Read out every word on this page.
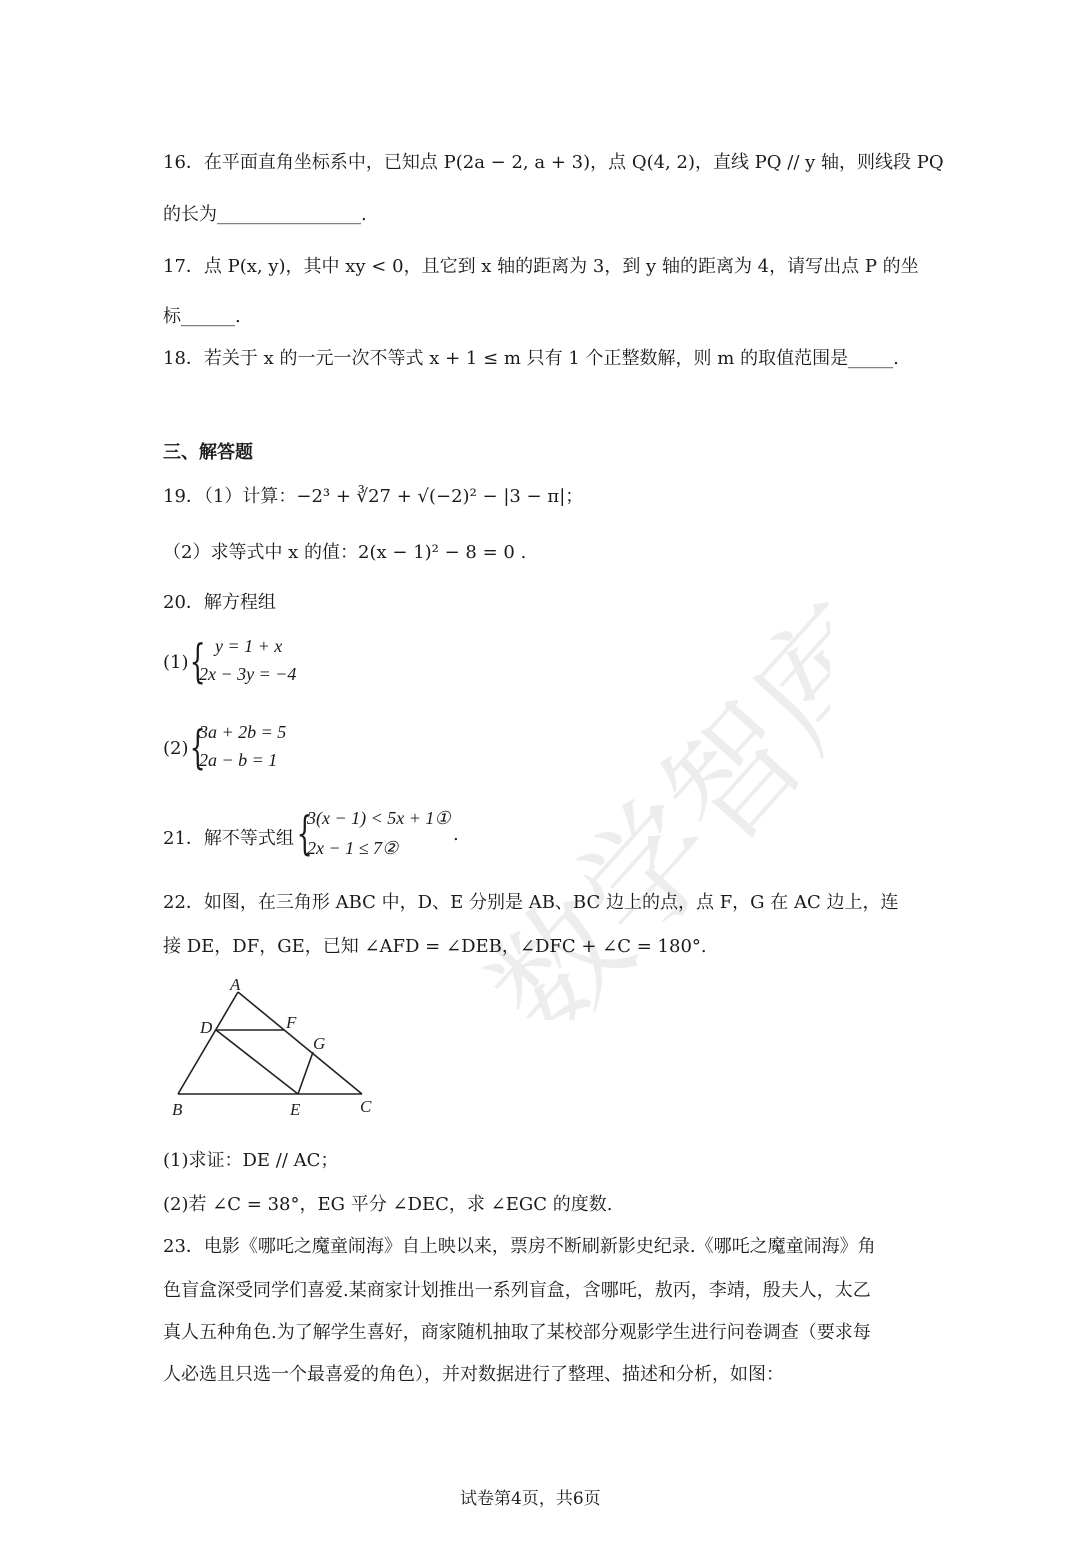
数学智库
16．在平面直角坐标系中，已知点 P(2a − 2, a + 3)，点 Q(4, 2)，直线 PQ // y 轴，则线段 PQ
的长为________________.
17．点 P(x, y)，其中 xy < 0，且它到 x 轴的距离为 3，到 y 轴的距离为 4，请写出点 P 的坐
标______.
18．若关于 x 的一元一次不等式 x + 1 ≤ m 只有 1 个正整数解，则 m 的取值范围是_____.
三、解答题
19．（1）计算：−2³ + ∛27 + √(−2)² − |3 − π|；
（2）求等式中 x 的值：2(x − 1)² − 8 = 0 .
20．解方程组
(1) { y = 1 + x
2x − 3y = −4
(2) {
3a + 2b = 5
2a − b = 1
21．解不等式组 {
3(x − 1) < 5x + 1①
2x − 1 ≤ 7②
.
22．如图，在三角形 ABC 中，D、E 分别是 AB、BC 边上的点，点 F，G 在 AC 边上，连
接 DE，DF，GE，已知 ∠AFD = ∠DEB，∠DFC + ∠C = 180°.
A
B	C
D
E
F
G
(1)求证：DE // AC；
(2)若 ∠C = 38°，EG 平分 ∠DEC，求 ∠EGC 的度数.
23．电影《哪吒之魔童闹海》自上映以来，票房不断刷新影史纪录.《哪吒之魔童闹海》角
色盲盒深受同学们喜爱.某商家计划推出一系列盲盒，含哪吒，敖丙，李靖，殷夫人，太乙
真人五种角色.为了解学生喜好，商家随机抽取了某校部分观影学生进行问卷调查（要求每
人必选且只选一个最喜爱的角色），并对数据进行了整理、描述和分析，如图：
试卷第4页，共6页
